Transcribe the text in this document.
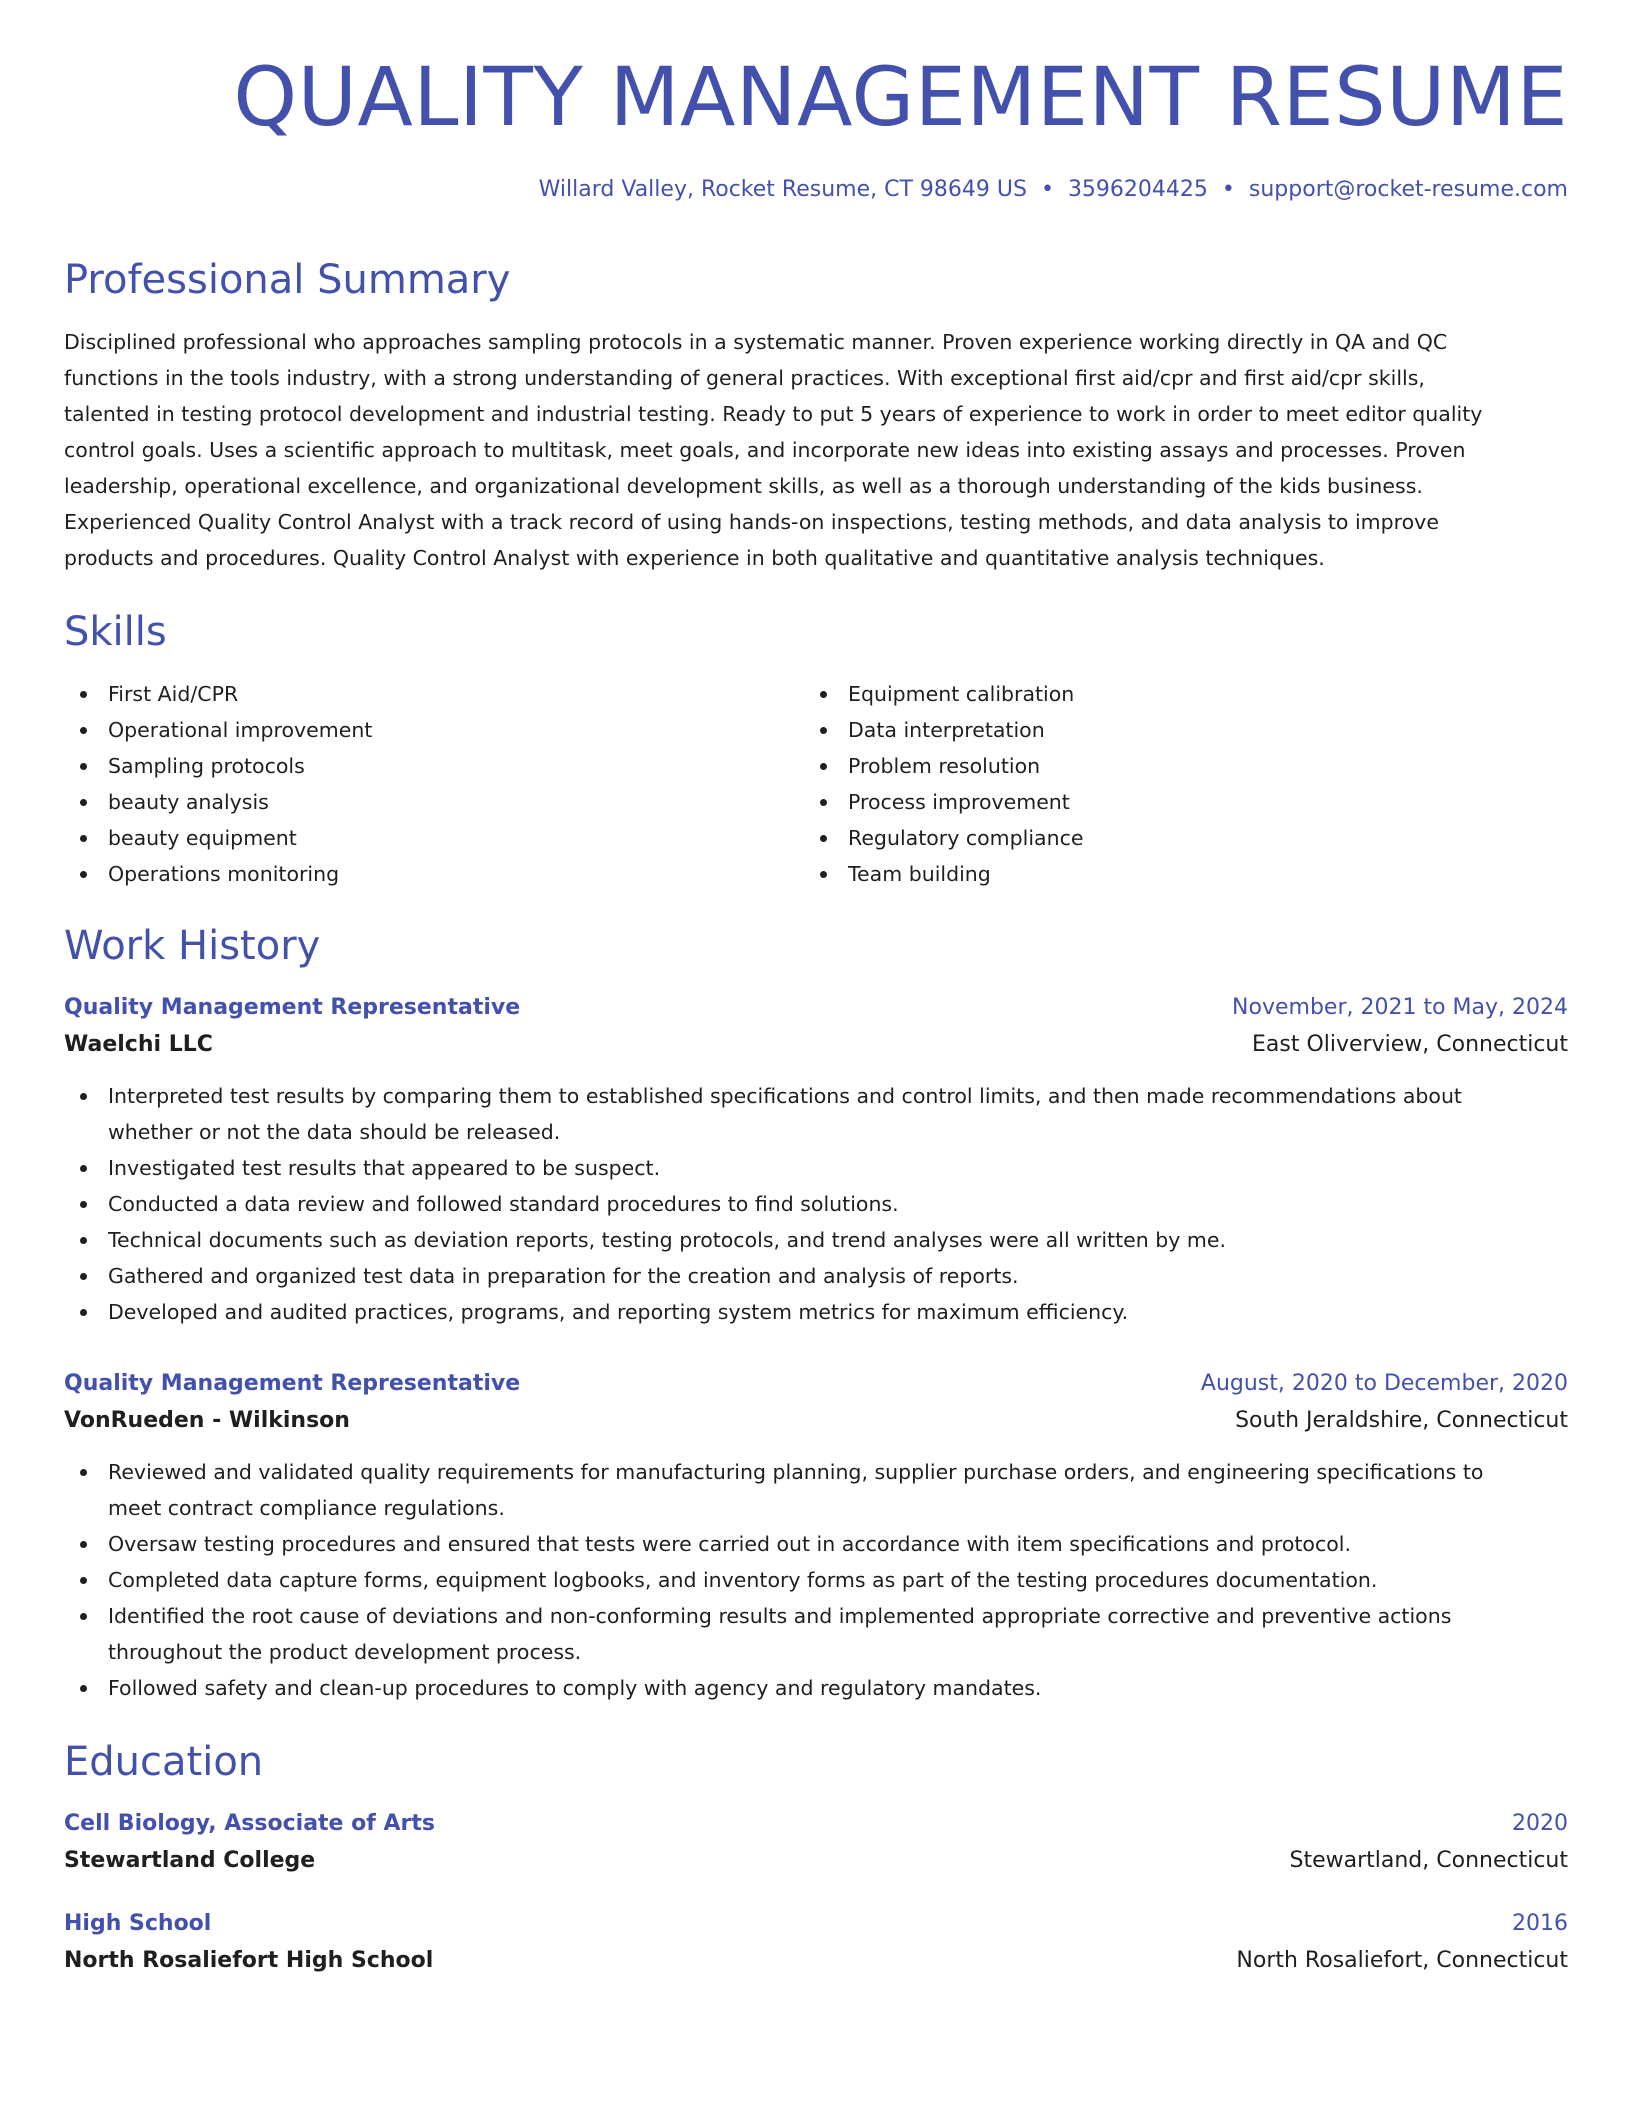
QUALITY MANAGEMENT RESUME
Willard Valley, Rocket Resume, CT 98649 US • 3596204425 • support@rocket-resume.com
Professional Summary

Disciplined professional who approaches sampling protocols in a systematic manner. Proven experience working directly in QA and QC functions in the tools industry, with a strong understanding of general practices. With exceptional first aid/cpr and first aid/cpr skills, talented in testing protocol development and industrial testing. Ready to put 5 years of experience to work in order to meet editor quality control goals. Uses a scientific approach to multitask, meet goals, and incorporate new ideas into existing assays and processes. Proven leadership, operational excellence, and organizational development skills, as well as a thorough understanding of the kids business. Experienced Quality Control Analyst with a track record of using hands-on inspections, testing methods, and data analysis to improve products and procedures. Quality Control Analyst with experience in both qualitative and quantitative analysis techniques.

Skills
First Aid/CPR
Operational improvement
Sampling protocols
beauty analysis
beauty equipment
Operations monitoring
Equipment calibration
Data interpretation
Problem resolution
Process improvement
Regulatory compliance
Team building
Work History
Quality Management Representative	November, 2021 to May, 2024
Waelchi LLC	East Oliverview, Connecticut
Interpreted test results by comparing them to established specifications and control limits, and then made recommendations about whether or not the data should be released.
Investigated test results that appeared to be suspect.
Conducted a data review and followed standard procedures to find solutions.
Technical documents such as deviation reports, testing protocols, and trend analyses were all written by me.
Gathered and organized test data in preparation for the creation and analysis of reports.
Developed and audited practices, programs, and reporting system metrics for maximum efficiency.
Quality Management Representative	August, 2020 to December, 2020
VonRueden - Wilkinson	South Jeraldshire, Connecticut
Reviewed and validated quality requirements for manufacturing planning, supplier purchase orders, and engineering specifications to meet contract compliance regulations.
Oversaw testing procedures and ensured that tests were carried out in accordance with item specifications and protocol.
Completed data capture forms, equipment logbooks, and inventory forms as part of the testing procedures documentation.
Identified the root cause of deviations and non-conforming results and implemented appropriate corrective and preventive actions throughout the product development process.
Followed safety and clean-up procedures to comply with agency and regulatory mandates.
Education
Cell Biology, Associate of Arts	2020
Stewartland College	Stewartland, Connecticut
High School	2016
North Rosaliefort High School	North Rosaliefort, Connecticut
